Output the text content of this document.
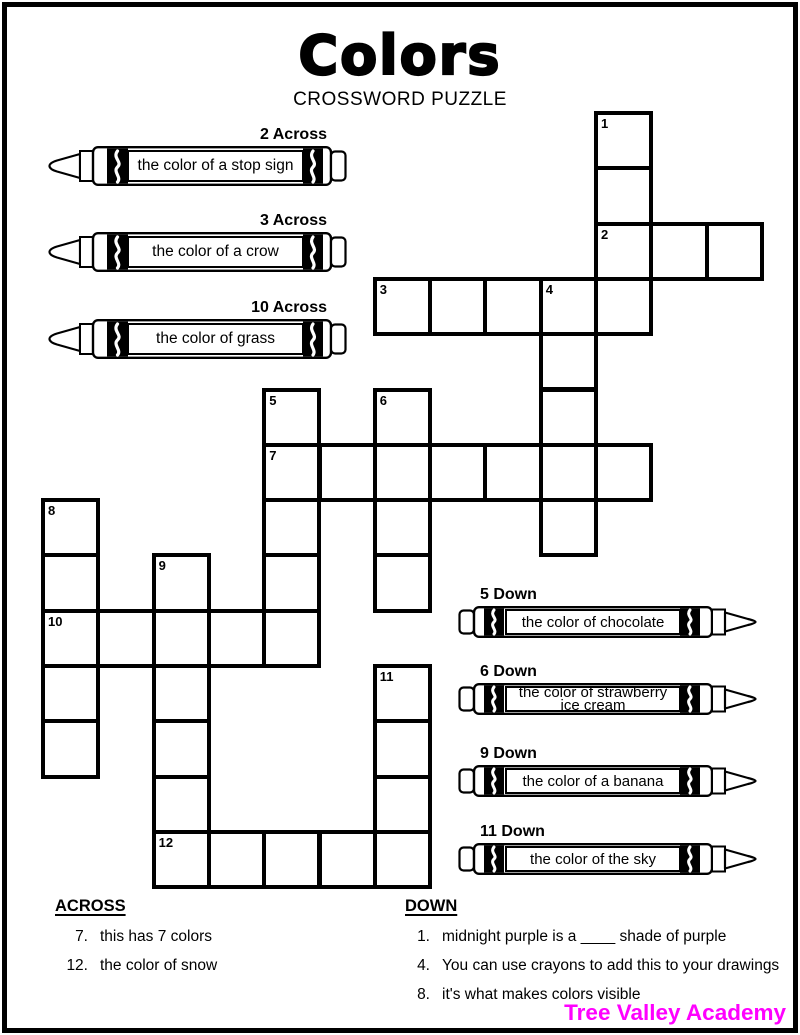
Colors
CROSSWORD PUZZLE
2 Across
the color of a stop sign
3 Across
the color of a crow
10 Across
the color of grass
5 Down
the color of chocolate
6 Down
the color of strawberry
ice cream
9 Down
the color of a banana
11 Down
the color of the sky
1
2
3	4
5	6
7
8
9
10
11
12
ACROSS
7. this has 7 colors
12. the color of snow
DOWN
1. midnight purple is a ____ shade of purple
4. You can use crayons to add this to your drawings
8. it's what makes colors visible
Tree Valley Academy
